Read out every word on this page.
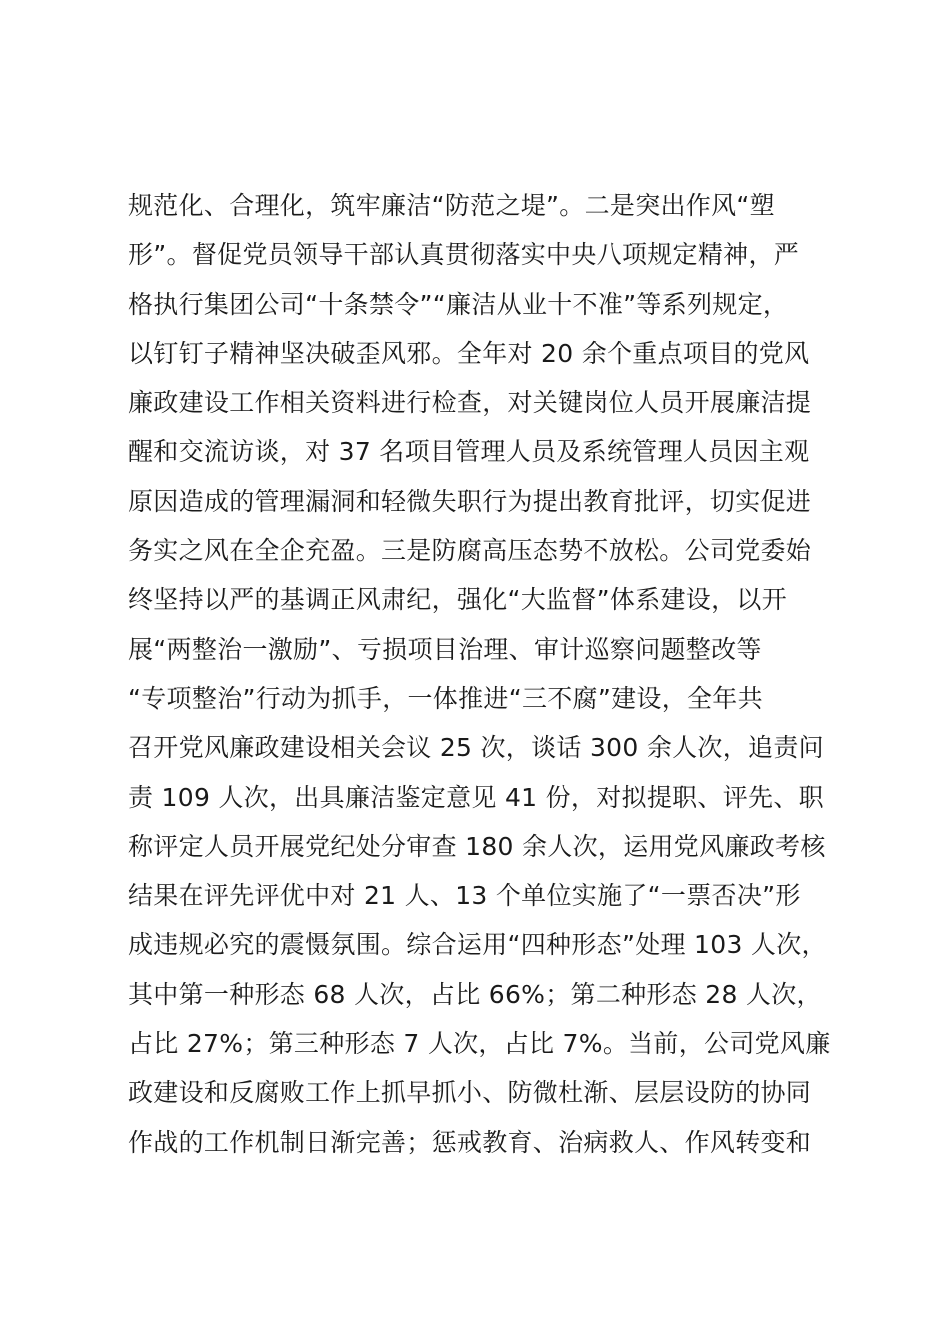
规范化、合理化，筑牢廉洁“防范之堤”。二是突出作风“塑
形”。督促党员领导干部认真贯彻落实中央八项规定精神，严
格执行集团公司“十条禁令”“廉洁从业十不准”等系列规定，
以钉钉子精神坚决破歪风邪。全年对 20 余个重点项目的党风
廉政建设工作相关资料进行检查，对关键岗位人员开展廉洁提
醒和交流访谈，对 37 名项目管理人员及系统管理人员因主观
原因造成的管理漏洞和轻微失职行为提出教育批评，切实促进
务实之风在全企充盈。三是防腐高压态势不放松。公司党委始
终坚持以严的基调正风肃纪，强化“大监督”体系建设，以开
展“两整治一激励”、亏损项目治理、审计巡察问题整改等
“专项整治”行动为抓手，一体推进“三不腐”建设，全年共
召开党风廉政建设相关会议 25 次，谈话 300 余人次，追责问
责 109 人次，出具廉洁鉴定意见 41 份，对拟提职、评先、职
称评定人员开展党纪处分审查 180 余人次，运用党风廉政考核
结果在评先评优中对 21 人、13 个单位实施了“一票否决”形
成违规必究的震慑氛围。综合运用“四种形态”处理 103 人次，
其中第一种形态 68 人次，占比 66%；第二种形态 28 人次，
占比 27%；第三种形态 7 人次，占比 7%。当前，公司党风廉
政建设和反腐败工作上抓早抓小、防微杜渐、层层设防的协同
作战的工作机制日渐完善；惩戒教育、治病救人、作风转变和
